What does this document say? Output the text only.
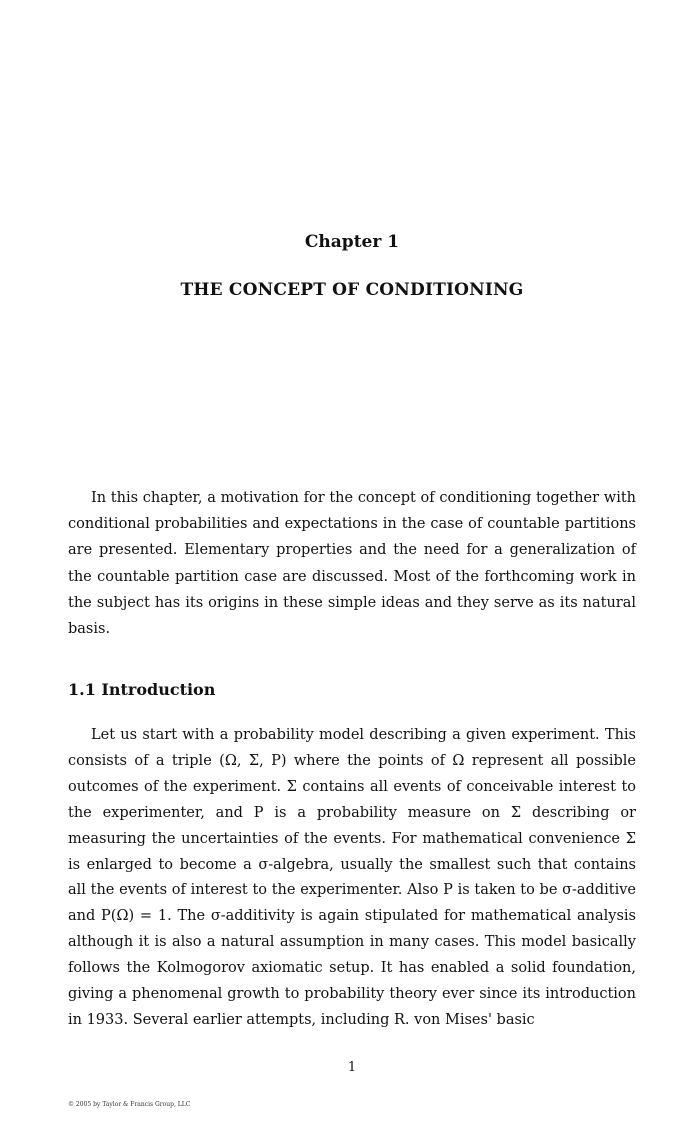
Chapter 1
THE CONCEPT OF CONDITIONING

In this chapter, a motivation for the concept of conditioning together with conditional probabilities and expectations in the case of countable partitions are presented. Elementary properties and the need for a generalization of the countable partition case are discussed. Most of the forthcoming work in the subject has its origins in these simple ideas and they serve as its natural basis.

1.1 Introduction

Let us start with a probability model describing a given experiment. This consists of a triple (Ω, Σ, P) where the points of Ω represent all possible outcomes of the experiment. Σ contains all events of conceivable interest to the experimenter, and P is a probability measure on Σ describing or measuring the uncertainties of the events. For mathematical convenience Σ is enlarged to become a σ-algebra, usually the smallest such that contains all the events of interest to the experimenter. Also P is taken to be σ-additive and P(Ω) = 1. The σ-additivity is again stipulated for mathematical analysis although it is also a natural assumption in many cases. This model basically follows the Kolmogorov axiomatic setup. It has enabled a solid foundation, giving a phenomenal growth to probability theory ever since its introduction in 1933. Several earlier attempts, including R. von Mises' basic

1
© 2005 by Taylor & Francis Group, LLC
